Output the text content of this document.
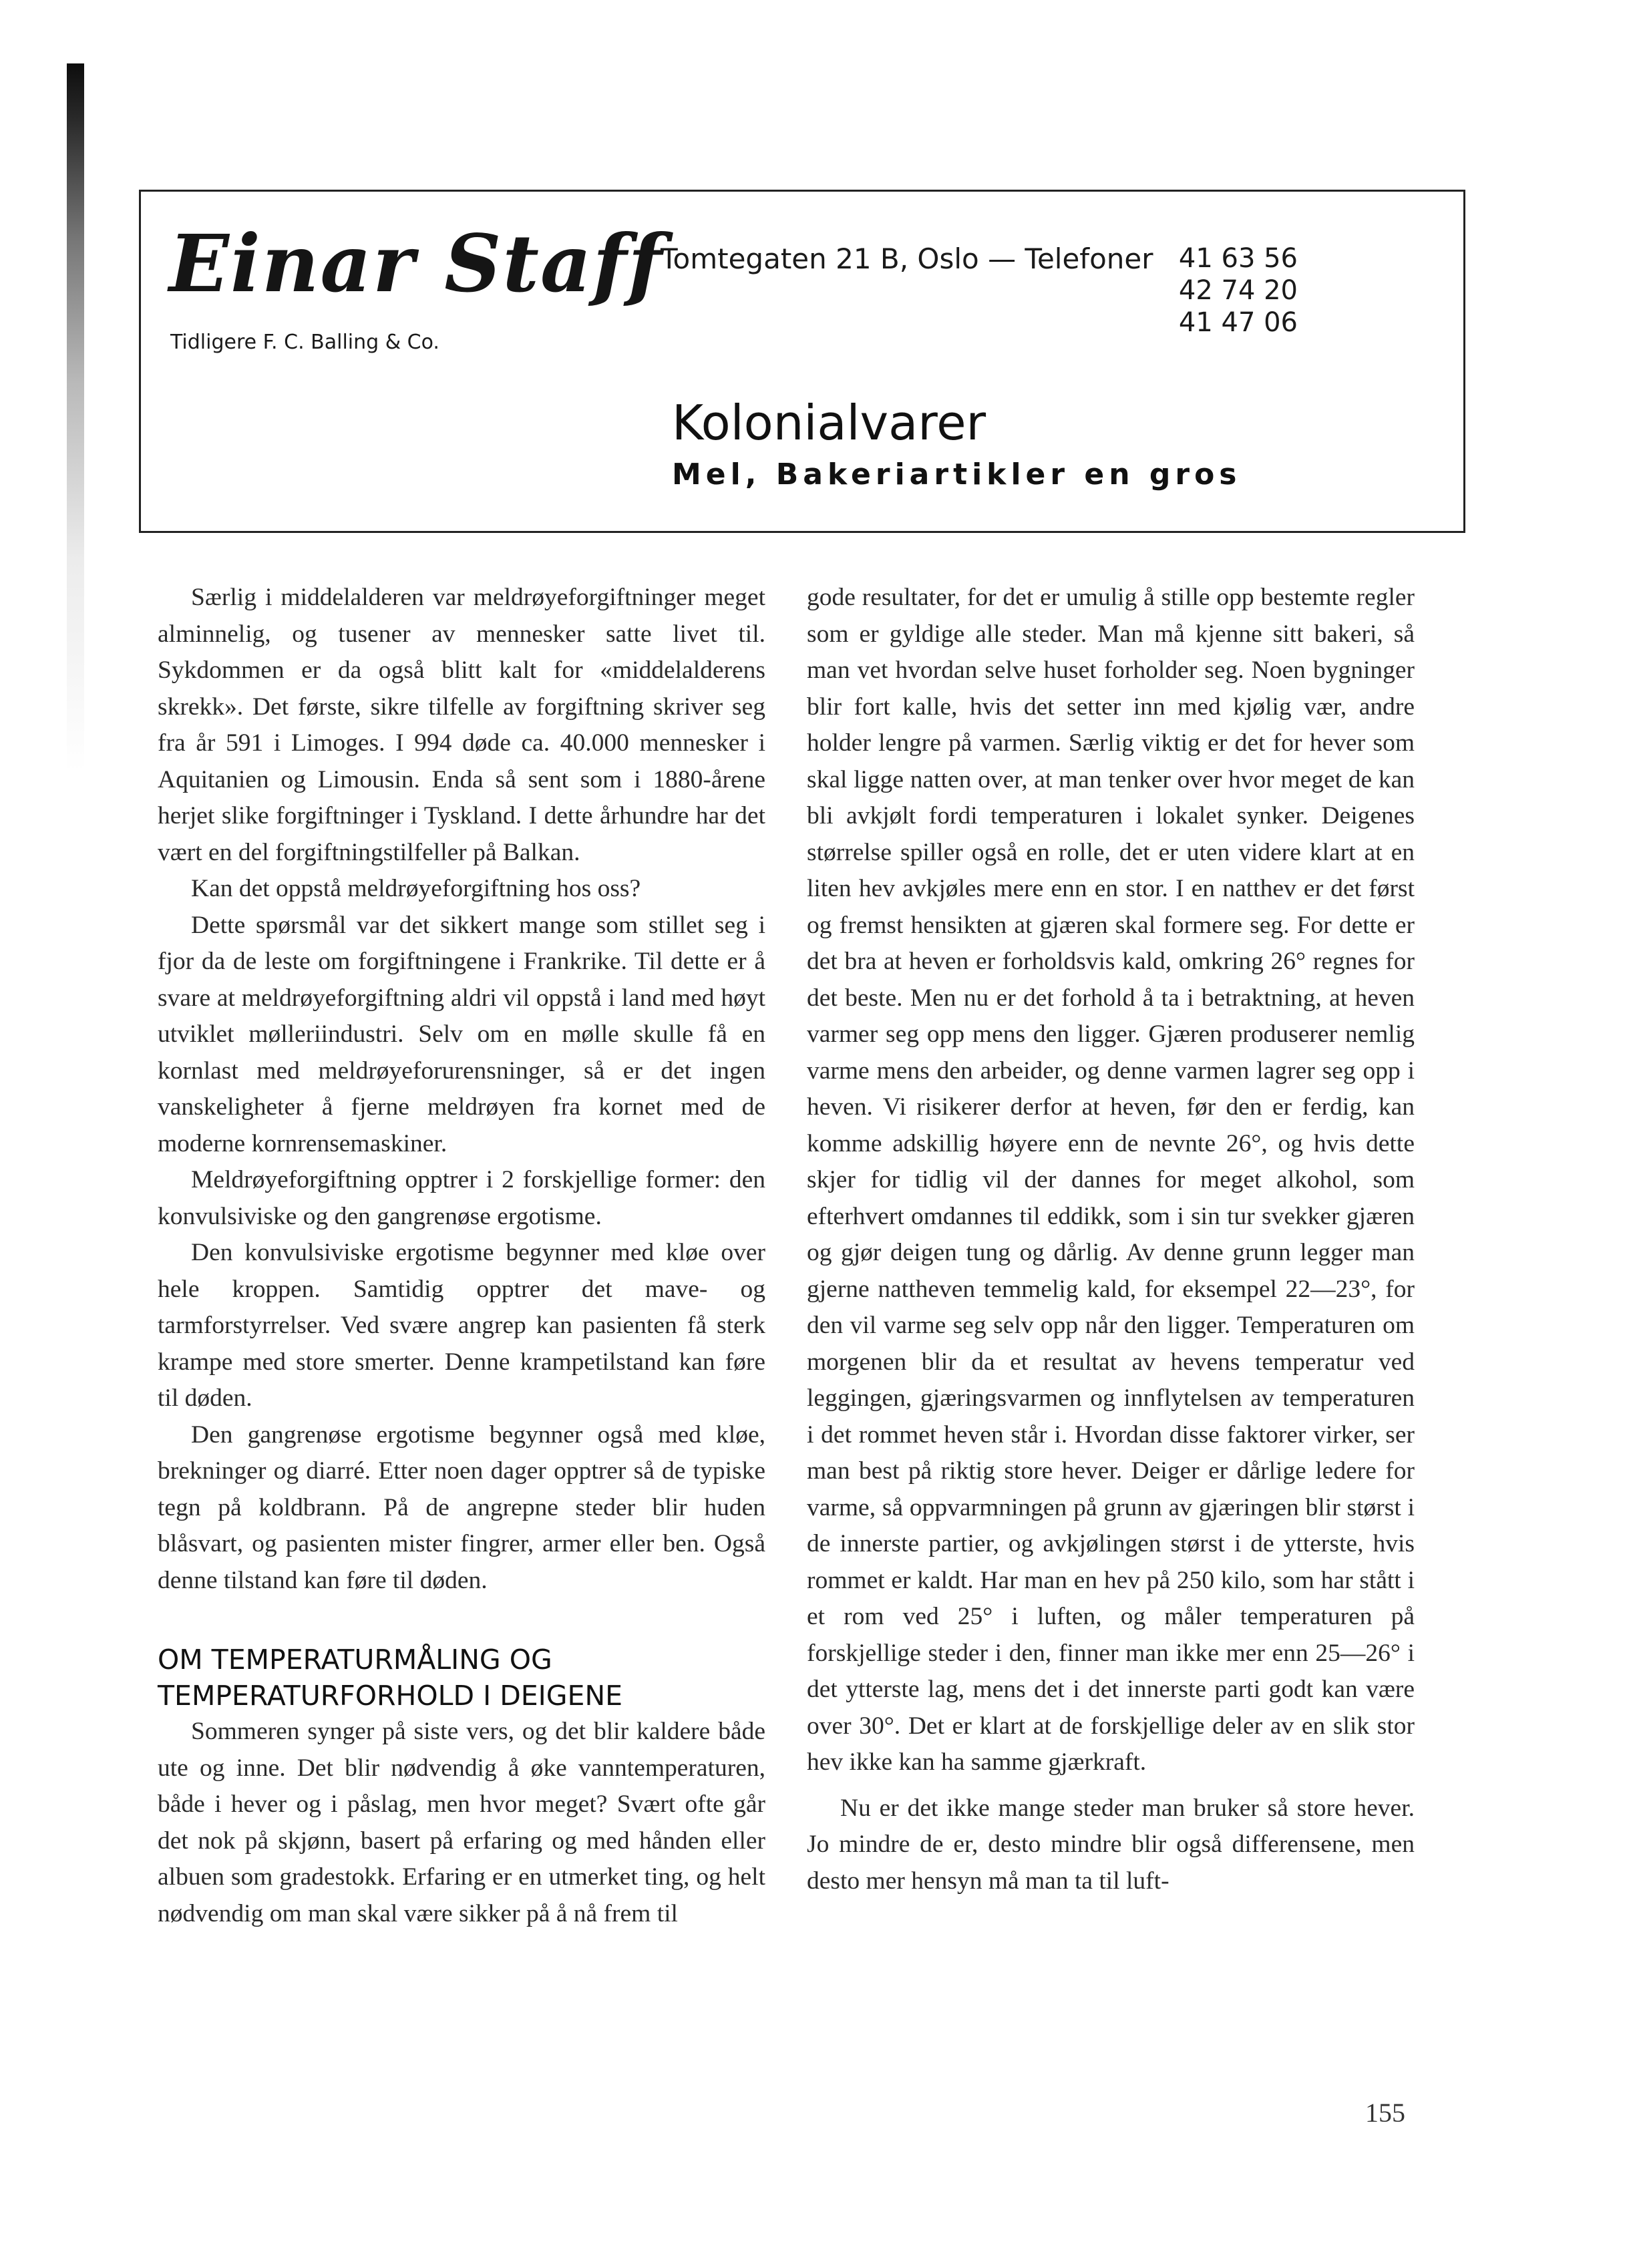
Einar Staff
Tidligere F. C. Balling & Co.
Tomtegaten 21 B, Oslo — Telefoner 41 63 56
42 74 20
41 47 06
Kolonialvarer
Mel, Bakeriartikler en gros

Særlig i middelalderen var meldrøyeforgiftninger meget alminnelig, og tusener av mennesker satte livet til. Sykdommen er da også blitt kalt for «middelalderens skrekk». Det første, sikre tilfelle av forgiftning skriver seg fra år 591 i Limoges. I 994 døde ca. 40.000 mennesker i Aquitanien og Limousin. Enda så sent som i 1880-årene herjet slike forgiftninger i Tyskland. I dette århundre har det vært en del forgiftningstilfeller på Balkan.

Kan det oppstå meldrøyeforgiftning hos oss?

Dette spørsmål var det sikkert mange som stillet seg i fjor da de leste om forgiftningene i Frankrike. Til dette er å svare at meldrøyeforgiftning aldri vil oppstå i land med høyt utviklet mølleriindustri. Selv om en mølle skulle få en kornlast med meldrøyeforurensninger, så er det ingen vanskeligheter å fjerne meldrøyen fra kornet med de moderne kornrensemaskiner.

Meldrøyeforgiftning opptrer i 2 forskjellige former: den konvulsiviske og den gangrenøse ergotisme.

Den konvulsiviske ergotisme begynner med kløe over hele kroppen. Samtidig opptrer det mave- og tarmforstyrrelser. Ved svære angrep kan pasienten få sterk krampe med store smerter. Denne krampetilstand kan føre til døden.

Den gangrenøse ergotisme begynner også med kløe, brekninger og diarré. Etter noen dager opptrer så de typiske tegn på koldbrann. På de angrepne steder blir huden blåsvart, og pasienten mister fingrer, armer eller ben. Også denne tilstand kan føre til døden.

OM TEMPERATURMÅLING OG
TEMPERATURFORHOLD I DEIGENE

Sommeren synger på siste vers, og det blir kaldere både ute og inne. Det blir nødvendig å øke vanntemperaturen, både i hever og i påslag, men hvor meget? Svært ofte går det nok på skjønn, basert på erfaring og med hånden eller albuen som gradestokk. Erfaring er en utmerket ting, og helt nødvendig om man skal være sikker på å nå frem til

gode resultater, for det er umulig å stille opp bestemte regler som er gyldige alle steder. Man må kjenne sitt bakeri, så man vet hvordan selve huset forholder seg. Noen bygninger blir fort kalle, hvis det setter inn med kjølig vær, andre holder lengre på varmen. Særlig viktig er det for hever som skal ligge natten over, at man tenker over hvor meget de kan bli avkjølt fordi temperaturen i lokalet synker. Deigenes størrelse spiller også en rolle, det er uten videre klart at en liten hev avkjøles mere enn en stor. I en natthev er det først og fremst hensikten at gjæren skal formere seg. For dette er det bra at heven er forholdsvis kald, omkring 26° regnes for det beste. Men nu er det forhold å ta i betraktning, at heven varmer seg opp mens den ligger. Gjæren produserer nemlig varme mens den arbeider, og denne varmen lagrer seg opp i heven. Vi risikerer derfor at heven, før den er ferdig, kan komme adskillig høyere enn de nevnte 26°, og hvis dette skjer for tidlig vil der dannes for meget alkohol, som efterhvert omdannes til eddikk, som i sin tur svekker gjæren og gjør deigen tung og dårlig. Av denne grunn legger man gjerne nattheven temmelig kald, for eksempel 22—23°, for den vil varme seg selv opp når den ligger. Temperaturen om morgenen blir da et resultat av hevens temperatur ved leggingen, gjæringsvarmen og innflytelsen av temperaturen i det rommet heven står i. Hvordan disse faktorer virker, ser man best på riktig store hever. Deiger er dårlige ledere for varme, så oppvarmningen på grunn av gjæringen blir størst i de innerste partier, og avkjølingen størst i de ytterste, hvis rommet er kaldt. Har man en hev på 250 kilo, som har stått i et rom ved 25° i luften, og måler temperaturen på forskjellige steder i den, finner man ikke mer enn 25—26° i det ytterste lag, mens det i det innerste parti godt kan være over 30°. Det er klart at de forskjellige deler av en slik stor hev ikke kan ha samme gjærkraft.

Nu er det ikke mange steder man bruker så store hever. Jo mindre de er, desto mindre blir også differensene, men desto mer hensyn må man ta til luft-

155
